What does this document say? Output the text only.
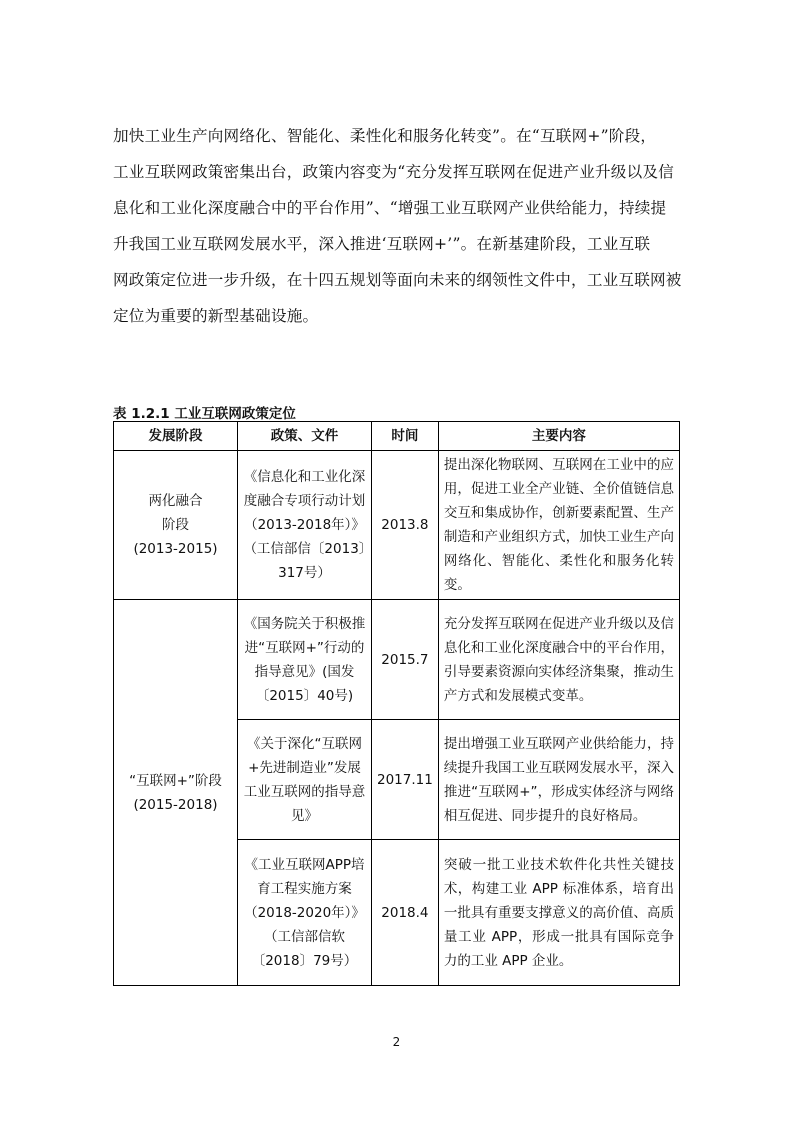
加快工业生产向网络化、智能化、柔性化和服务化转变”。在“互联网+”阶段，
工业互联网政策密集出台，政策内容变为“充分发挥互联网在促进产业升级以及信
息化和工业化深度融合中的平台作用”、“增强工业互联网产业供给能力，持续提
升我国工业互联网发展水平，深入推进‘互联网+’”。在新基建阶段，工业互联
网政策定位进一步升级，在十四五规划等面向未来的纲领性文件中，工业互联网被
定位为重要的新型基础设施。
表 1.2.1 工业互联网政策定位
发展阶段	政策、文件	时间	主要内容
两化融合
阶段
(2013-2015)	《信息化和工业化深度融合专项行动计划（2013-2018年）》（工信部信〔2013〕317号）	2013.8	提出深化物联网、互联网在工业中的应用，促进工业全产业链、全价值链信息交互和集成协作，创新要素配置、生产制造和产业组织方式，加快工业生产向网络化、智能化、柔性化和服务化转变。
“互联网+”阶段
(2015-2018)	《国务院关于积极推进“互联网+”行动的指导意见》(国发〔2015〕40号)	2015.7	充分发挥互联网在促进产业升级以及信息化和工业化深度融合中的平台作用，引导要素资源向实体经济集聚，推动生产方式和发展模式变革。
	《关于深化“互联网+先进制造业”发展工业互联网的指导意见》	2017.11	提出增强工业互联网产业供给能力，持续提升我国工业互联网发展水平，深入推进“互联网+”，形成实体经济与网络相互促进、同步提升的良好格局。
	《工业互联网APP培育工程实施方案（2018-2020年）》（工信部信软〔2018〕79号）	2018.4	突破一批工业技术软件化共性关键技术，构建工业 APP 标准体系，培育出一批具有重要支撑意义的高价值、高质量工业 APP，形成一批具有国际竞争力的工业 APP 企业。
2
